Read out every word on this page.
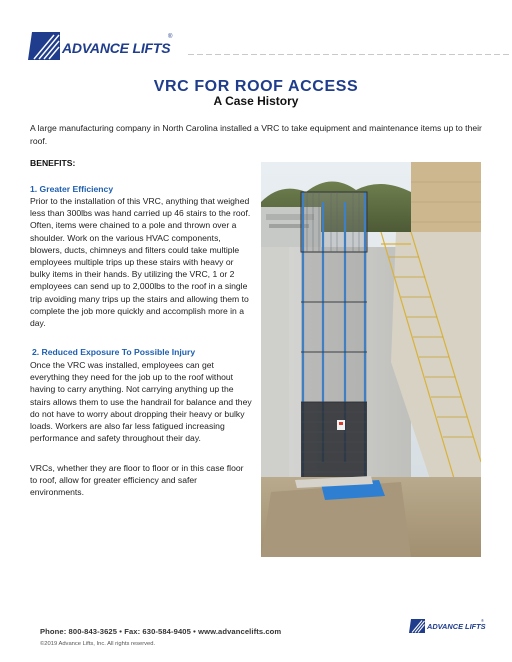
ADVANCE LIFTS
®
VRC FOR ROOF ACCESS
A Case History
A large manufacturing company in North Carolina installed a VRC to take equipment and maintenance items up to their roof.
BENEFITS:
1. Greater Efficiency
Prior to the installation of this VRC, anything that weighed less than 300lbs was hand carried up 46 stairs to the roof. Often, items were chained to a pole and thrown over a shoulder. Work on the various HVAC components, blowers, ducts, chimneys and filters could take multiple employees multiple trips up these stairs with heavy or bulky items in their hands. By utilizing the VRC, 1 or 2 employees can send up to 2,000lbs to the roof in a single trip avoiding many trips up the stairs and allowing them to complete the job more quickly and accomplish more in a day.
2. Reduced Exposure To Possible Injury
Once the VRC was installed, employees can get everything they need for the job up to the roof without having to carry anything. Not carrying anything up the stairs allows them to use the handrail for balance and they do not have to worry about dropping their heavy or bulky loads. Workers are also far less fatigued increasing performance and safety throughout their day.
VRCs, whether they are floor to floor or in this case floor to roof, allow for greater efficiency and safer environments.
Phone: 800-843-3625 • Fax: 630-584-9405 • www.advancelifts.com
©2019 Advance Lifts, Inc. All rights reserved.
ADVANCE LIFTS
®
